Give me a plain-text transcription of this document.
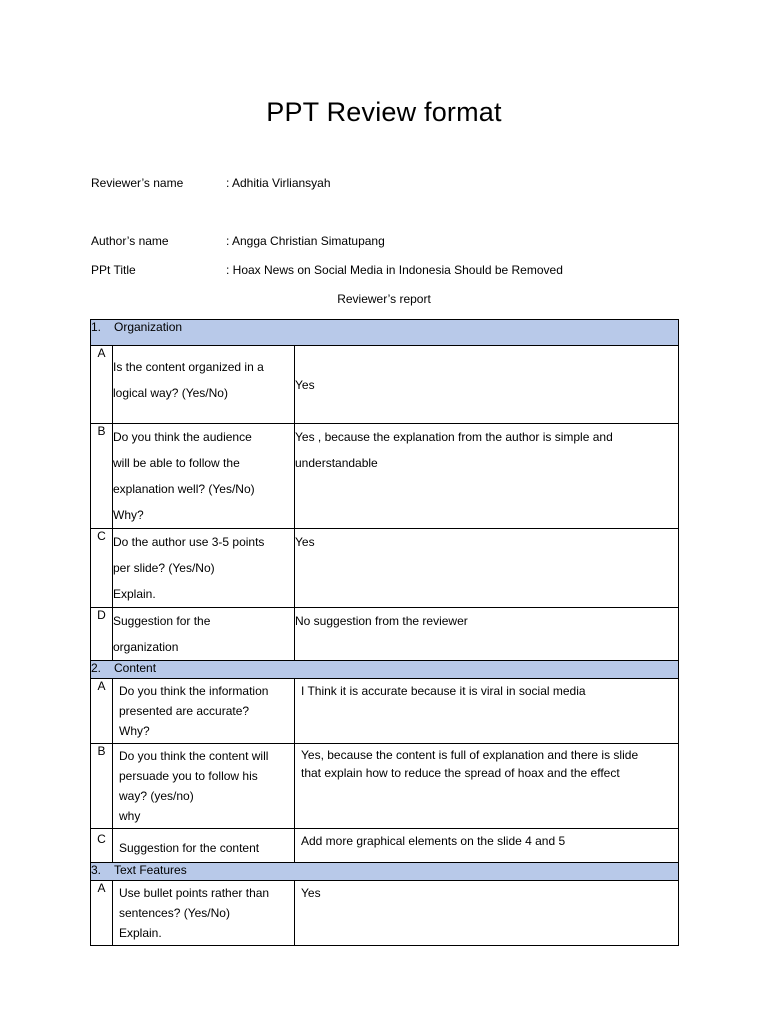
PPT Review format
Reviewer’s name	: Adhitia Virliansyah
Author’s name	: Angga Christian Simatupang
PPt Title	: Hoax News on Social Media in Indonesia Should be Removed
Reviewer’s report
1. Organization		
A	Is the content organized in a
logical way? (Yes/No)	Yes

B	Do you think the audience
will be able to follow the
explanation well? (Yes/No)
Why?	Yes , because the explanation from the author is simple and
understandable

C	Do the author use 3-5 points
per slide? (Yes/No)
Explain.	Yes

D	Suggestion for the
organization	No suggestion from the reviewer

2. Content		
A	Do you think the information
presented are accurate?
Why?	I Think it is accurate because it is viral in social media

B	Do you think the content will
persuade you to follow his
way? (yes/no)
why	Yes, because the content is full of explanation and there is slide
that explain how to reduce the spread of hoax and the effect

C	Suggestion for the content	Add more graphical elements on the slide 4 and 5

3. Text Features		
A	Use bullet points rather than
sentences? (Yes/No)
Explain.	Yes
